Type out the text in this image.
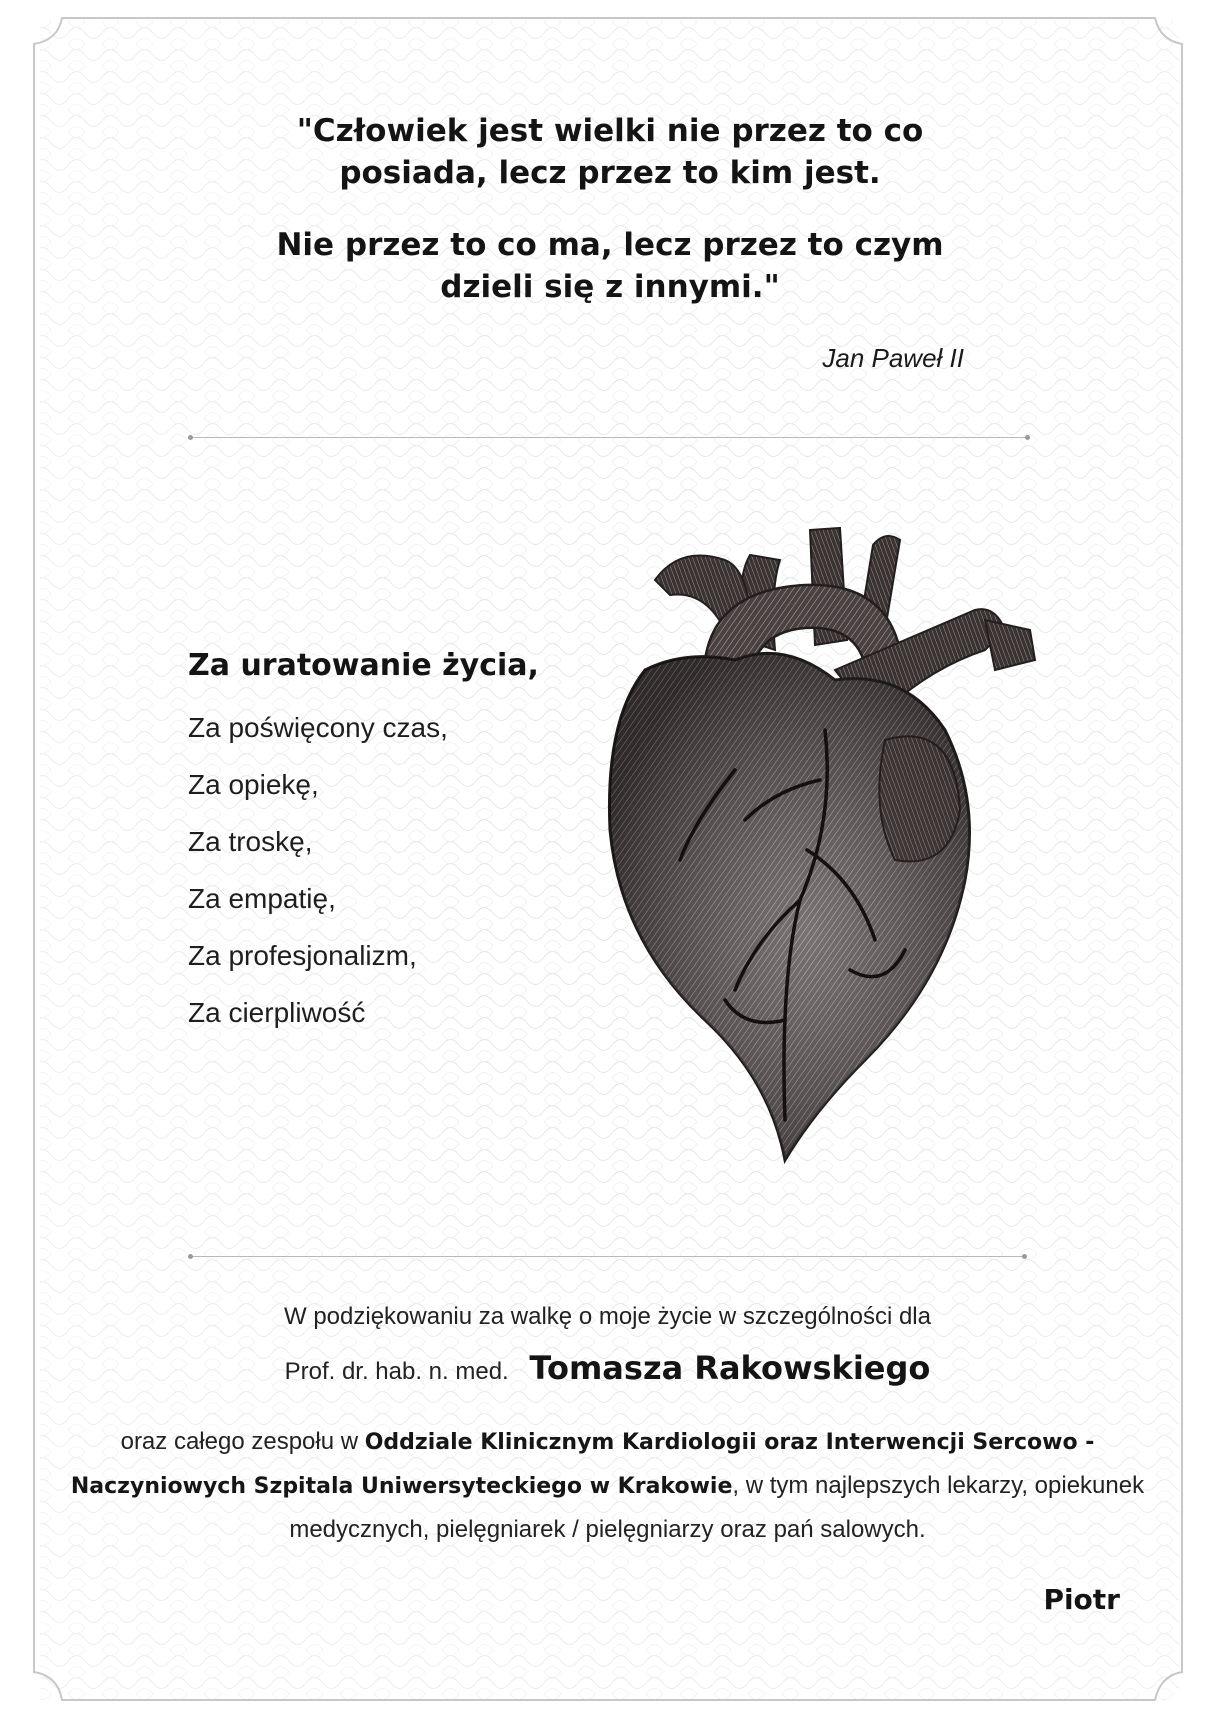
"Człowiek jest wielki nie przez to co

posiada, lecz przez to kim jest.

Nie przez to co ma, lecz przez to czym

dzieli się z innymi."

Jan Paweł II

Za uratowanie życia,

Za poświęcony czas,
Za opiekę,
Za troskę,
Za empatię,
Za profesjonalizm,
Za cierpliwość

W podziękowaniu za walkę o moje życie w szczególności dla

Prof. dr. hab. n. med. Tomasza Rakowskiego

oraz całego zespołu w Oddziale Klinicznym Kardiologii oraz Interwencji Sercowo - Naczyniowych Szpitala Uniwersyteckiego w Krakowie, w tym najlepszych lekarzy, opiekunek medycznych, pielęgniarek / pielęgniarzy oraz pań salowych.

Piotr
